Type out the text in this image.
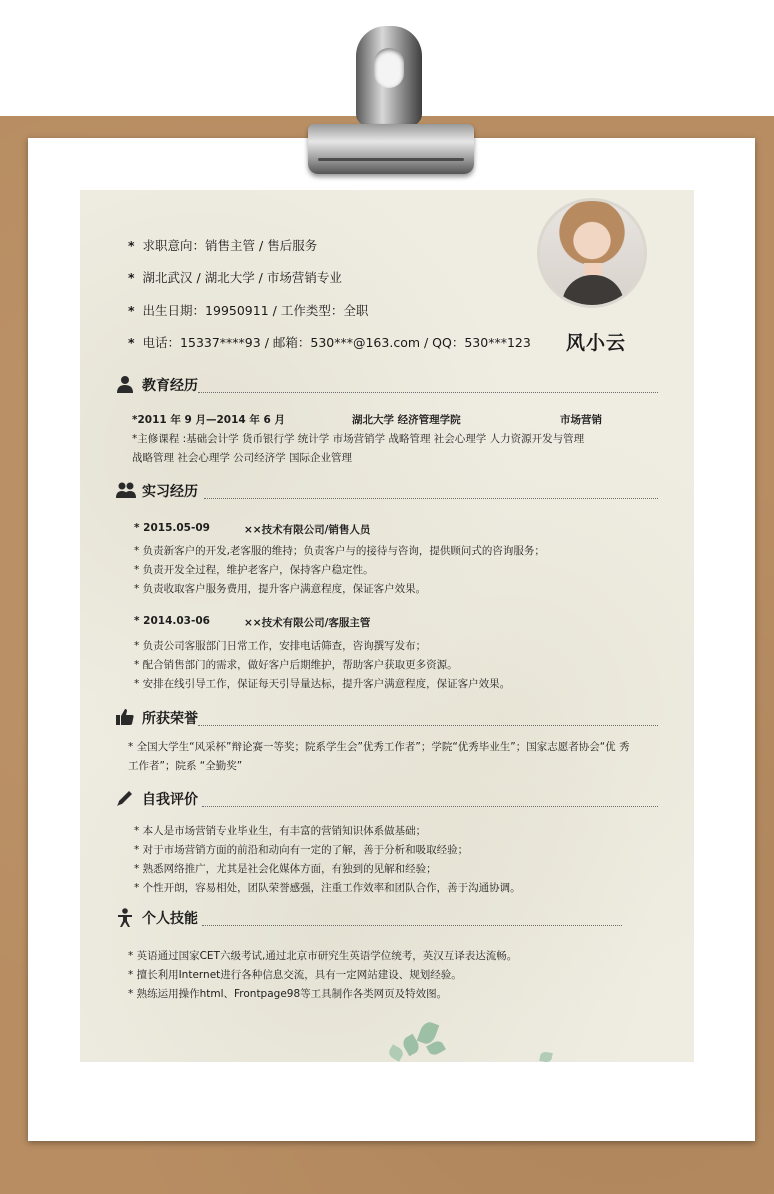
* 求职意向：销售主管 / 售后服务
* 湖北武汉 / 湖北大学 / 市场营销专业
* 出生日期：19950911 / 工作类型：全职
* 电话：15337****93 / 邮箱：530***@163.com / QQ：530***123 风小云
教育经历
*2011 年 9 月—2014 年 6 月	湖北大学 经济管理学院	市场营销
*主修课程 :基础会计学 货币银行学 统计学 市场营销学 战略管理 社会心理学 人力资源开发与管理
战略管理 社会心理学 公司经济学 国际企业管理
实习经历
* 2015.05-09	××技术有限公司/销售人员
* 负责新客户的开发,老客服的维持；负责客户与的接待与咨询，提供顾问式的咨询服务；
* 负责开发全过程，维护老客户，保持客户稳定性。
* 负责收取客户服务费用，提升客户满意程度，保证客户效果。
* 2014.03-06	××技术有限公司/客服主管
* 负责公司客服部门日常工作，安排电话筛查，咨询撰写发布；
* 配合销售部门的需求，做好客户后期维护，帮助客户获取更多资源。
* 安排在线引导工作，保证每天引导量达标，提升客户满意程度，保证客户效果。
所获荣誉
* 全国大学生“风采杯”辩论赛一等奖；院系学生会”优秀工作者”；学院“优秀毕业生”；国家志愿者协会“优 秀
工作者”；院系 “全勤奖”
自我评价
* 本人是市场营销专业毕业生，有丰富的营销知识体系做基础；
* 对于市场营销方面的前沿和动向有一定的了解，善于分析和吸取经验；
* 熟悉网络推广，尤其是社会化媒体方面，有独到的见解和经验；
* 个性开朗，容易相处，团队荣誉感强，注重工作效率和团队合作，善于沟通协调。
个人技能
* 英语通过国家CET六级考试,通过北京市研究生英语学位统考，英汉互译表达流畅。
* 擅长利用Internet进行各种信息交流，具有一定网站建设、规划经验。
* 熟练运用操作html、Frontpage98等工具制作各类网页及特效图。
